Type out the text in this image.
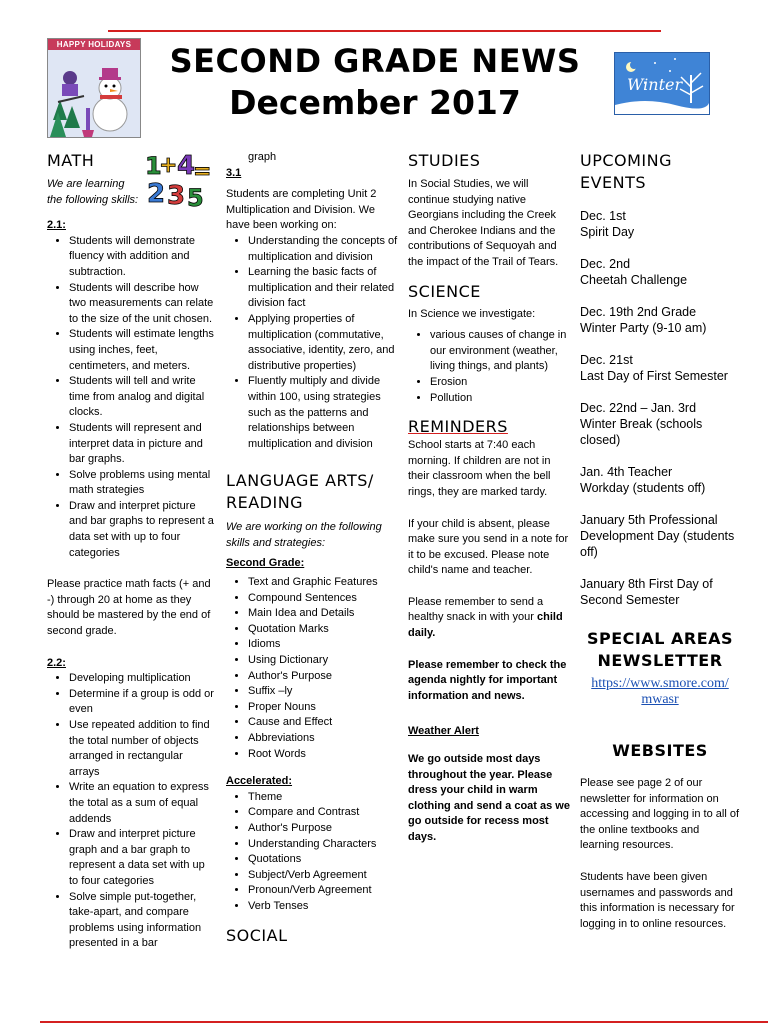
HAPPY HOLIDAYS
Winter
SECOND GRADE NEWS
December 2017
1
+ 4
=
2 3 5
MATH

We are learning the following skills:

2.1:

• Students will demonstrate fluency with addition and subtraction.
• Students will describe how two measurements can relate to the size of the unit chosen.
• Students will estimate lengths using inches, feet, centimeters, and meters.
• Students will tell and write time from analog and digital clocks.
• Students will represent and interpret data in picture and bar graphs.
• Solve problems using mental math strategies
• Draw and interpret picture and bar graphs to represent a data set with up to four categories

Please practice math facts (+ and -) through 20 at home as they should be mastered by the end of second grade.

2.2:

• Developing multiplication
• Determine if a group is odd or even
• Use repeated addition to find the total number of objects arranged in rectangular arrays
• Write an equation to express the total as a sum of equal addends
• Draw and interpret picture graph and a bar graph to represent a data set with up to four categories
• Solve simple put-together, take-apart, and compare problems using information presented in a bar

graph

3.1

Students are completing Unit 2 Multiplication and Division. We have been working on:

• Understanding the concepts of multiplication and division
• Learning the basic facts of multiplication and their related division fact
• Applying properties of multiplication (commutative, associative, identity, zero, and distributive properties)
• Fluently multiply and divide within 100, using strategies such as the patterns and relationships between multiplication and division
LANGUAGE ARTS/
READING

We are working on the following skills and strategies:

Second Grade:

• Text and Graphic Features
• Compound Sentences
• Main Idea and Details
• Quotation Marks
• Idioms
• Using Dictionary
• Author's Purpose
• Suffix –ly
• Proper Nouns
• Cause and Effect
• Abbreviations
• Root Words

Accelerated:

• Theme
• Compare and Contrast
• Author's Purpose
• Understanding Characters
• Quotations
• Subject/Verb Agreement
• Pronoun/Verb Agreement
• Verb Tenses
SOCIAL
STUDIES

In Social Studies, we will continue studying native Georgians including the Creek and Cherokee Indians and the contributions of Sequoyah and the impact of the Trail of Tears.

SCIENCE

In Science we investigate:

• various causes of change in our environment (weather, living things, and plants)
• Erosion
• Pollution
REMINDERS

School starts at 7:40 each morning. If children are not in their classroom when the bell rings, they are marked tardy.

If your child is absent, please make sure you send in a note for it to be excused. Please note child's name and teacher.

Please remember to send a healthy snack in with your child daily.

Please remember to check the agenda nightly for important information and news.

Weather Alert

We go outside most days throughout the year. Please dress your child in warm clothing and send a coat as we go outside for recess most days.

UPCOMING
EVENTS

Dec. 1st

Spirit Day

Dec. 2nd

Cheetah Challenge

Dec. 19th 2nd Grade

Winter Party (9-10 am)

Dec. 21st

Last Day of First Semester

Dec. 22nd – Jan. 3rd

Winter Break (schools closed)

Jan. 4th Teacher

Workday (students off)

January 5th Professional

Development Day (students off)

January 8th First Day of

Second Semester

SPECIAL AREAS
NEWSLETTER
https://www.smore.com/mwasr
WEBSITES

Please see page 2 of our newsletter for information on accessing and logging in to all of the online textbooks and learning resources.

Students have been given usernames and passwords and this information is necessary for logging in to online resources.
